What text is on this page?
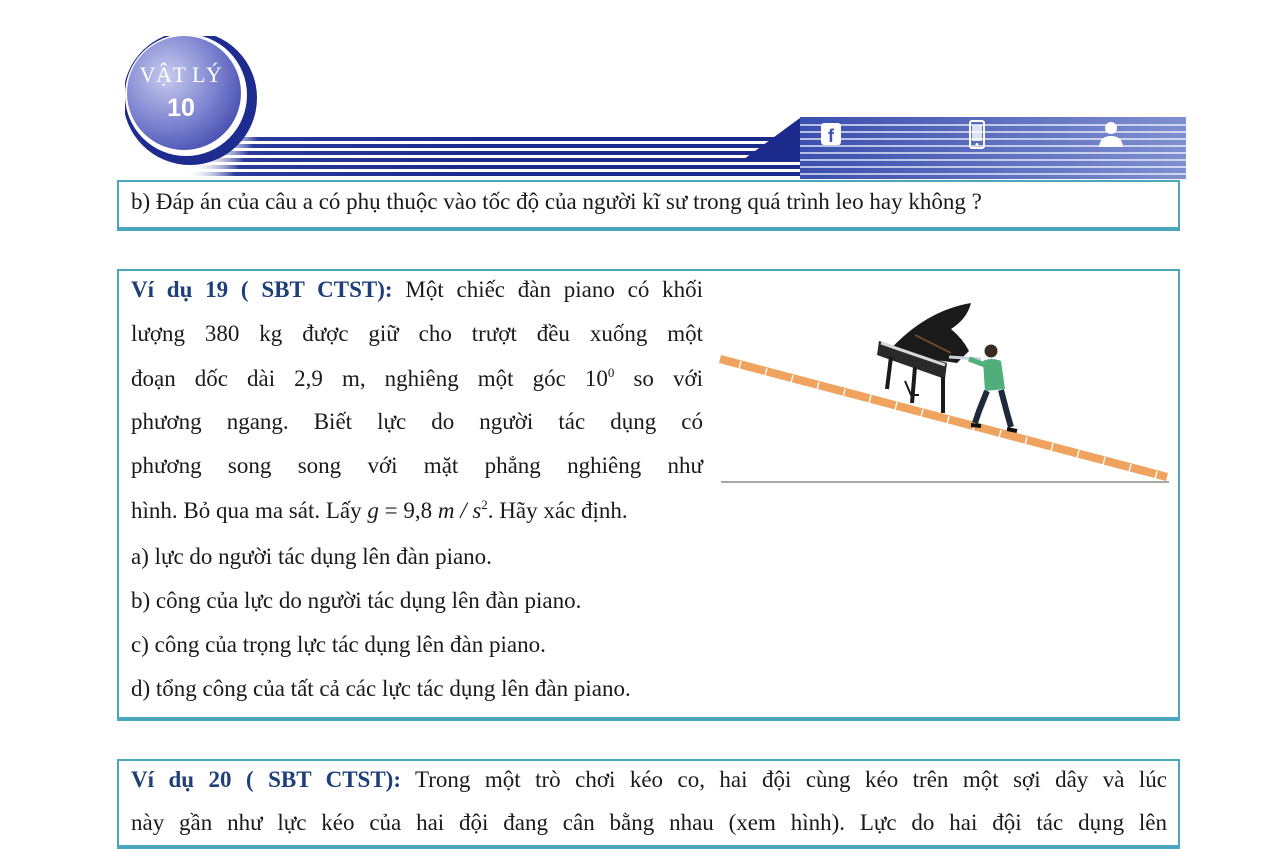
VẬT LÝ
10
f
b) Đáp án của câu a có phụ thuộc vào tốc độ của người kĩ sư trong quá trình leo hay không ?
Ví dụ 19 ( SBT CTST): Một chiếc đàn piano có khối
lượng 380 kg được giữ cho trượt đều xuống một
đoạn dốc dài 2,9 m, nghiêng một góc $10^0$ so với
phương ngang. Biết lực do người tác dụng có
phương song song với mặt phẳng nghiêng như
hình. Bỏ qua ma sát. Lấy g = 9,8 m / $s^2$. Hãy xác định.
a) lực do người tác dụng lên đàn piano.
b) công của lực do người tác dụng lên đàn piano.
c) công của trọng lực tác dụng lên đàn piano.
d) tổng công của tất cả các lực tác dụng lên đàn piano.
Ví dụ 20 ( SBT CTST): Trong một trò chơi kéo co, hai đội cùng kéo trên một sợi dây và lúc
này gần như lực kéo của hai đội đang cân bằng nhau (xem hình). Lực do hai đội tác dụng lên
